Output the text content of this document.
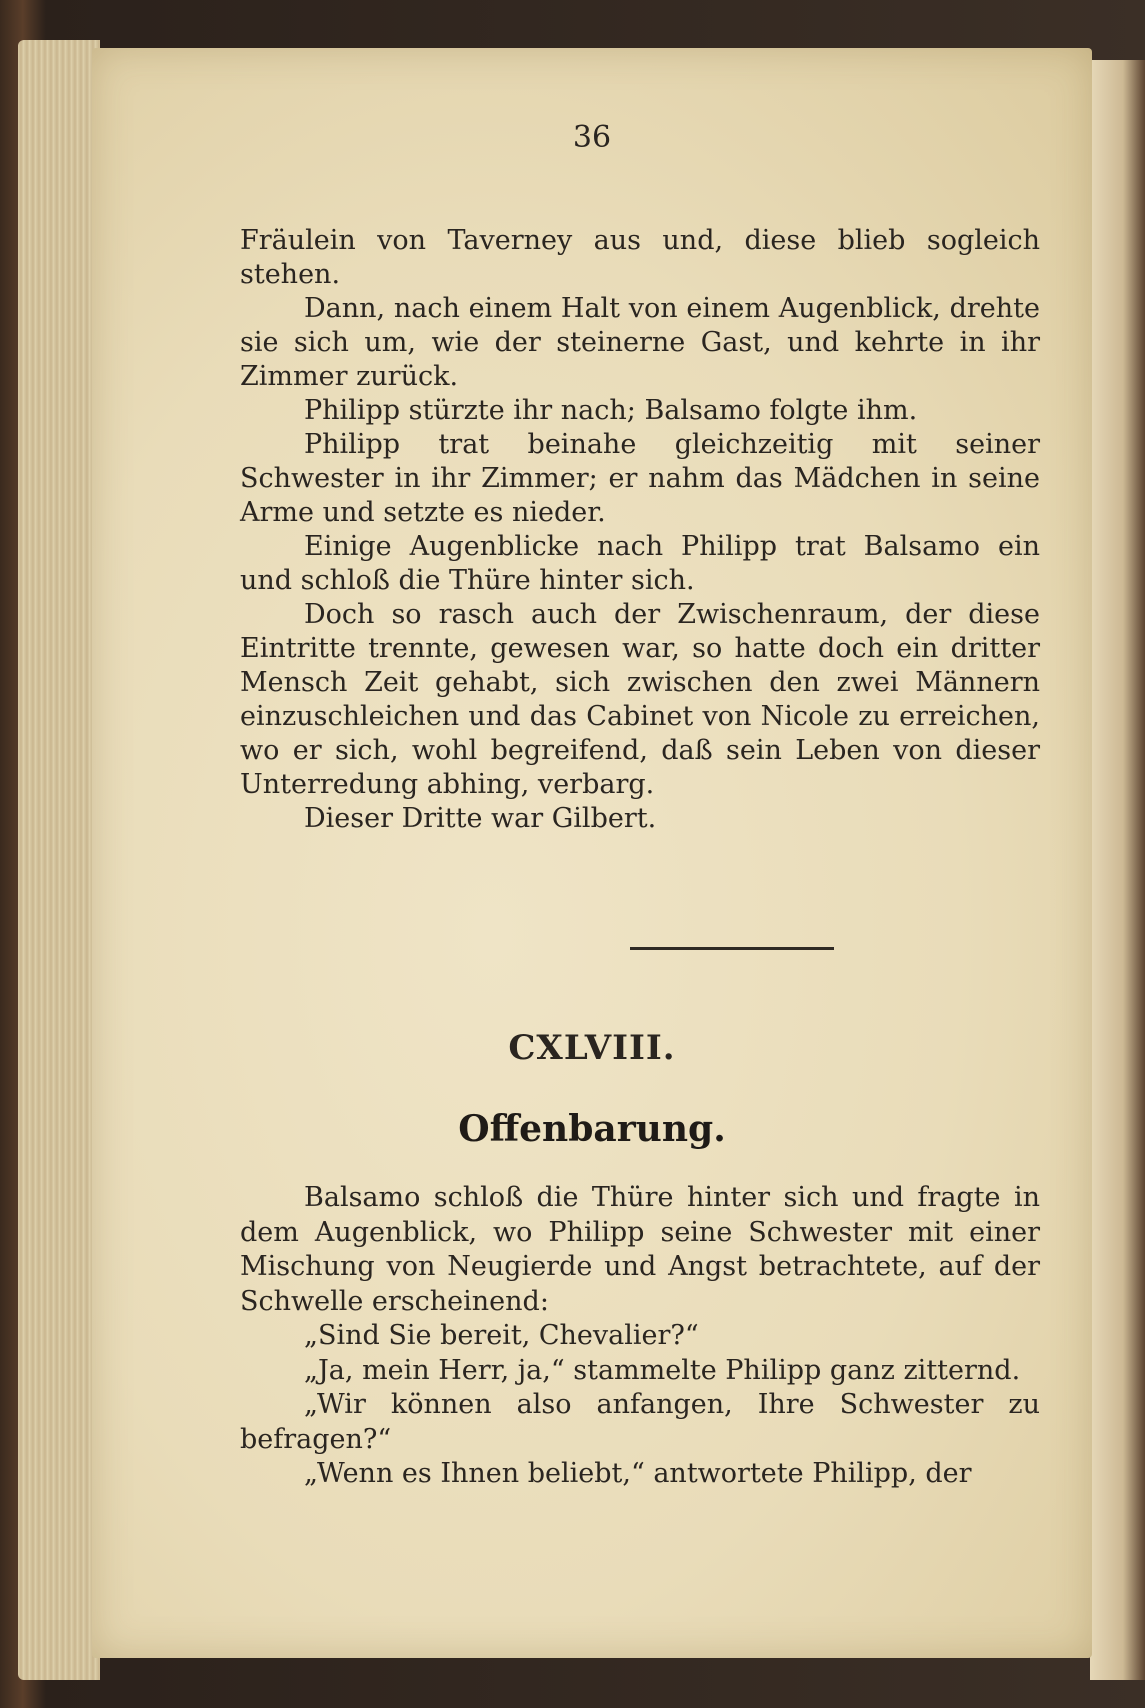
36

Fräulein von Taverney aus und, diese blieb sogleich stehen.

Dann, nach einem Halt von einem Augenblick, drehte sie sich um, wie der steinerne Gast, und kehrte in ihr Zimmer zurück.

Philipp stürzte ihr nach; Balsamo folgte ihm.

Philipp trat beinahe gleichzeitig mit seiner Schwester in ihr Zimmer; er nahm das Mädchen in seine Arme und setzte es nieder.

Einige Augenblicke nach Philipp trat Balsamo ein und schloß die Thüre hinter sich.

Doch so rasch auch der Zwischenraum, der diese Eintritte trennte, gewesen war, so hatte doch ein dritter Mensch Zeit gehabt, sich zwischen den zwei Männern einzuschleichen und das Cabinet von Nicole zu erreichen, wo er sich, wohl begreifend, daß sein Leben von dieser Unterredung abhing, verbarg.

Dieser Dritte war Gilbert.

CXLVIII.
Offenbarung.

Balsamo schloß die Thüre hinter sich und fragte in dem Augenblick, wo Philipp seine Schwester mit einer Mischung von Neugierde und Angst betrachtete, auf der Schwelle erscheinend:

„Sind Sie bereit, Chevalier?“

„Ja, mein Herr, ja,“ stammelte Philipp ganz zitternd.

„Wir können also anfangen, Ihre Schwester zu befragen?“

„Wenn es Ihnen beliebt,“ antwortete Philipp, der
